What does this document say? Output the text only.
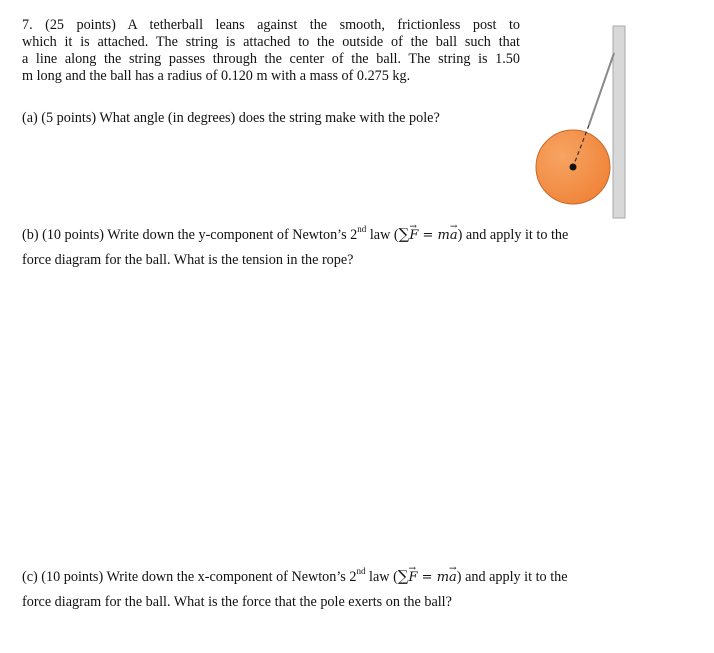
7. (25 points) A tetherball leans against the smooth, frictionless post to
which it is attached. The string is attached to the outside of the ball such that
a line along the string passes through the center of the ball. The string is 1.50
m long and the ball has a radius of 0.120 m with a mass of 0.275 kg.
(a) (5 points) What angle (in degrees) does the string make with the pole?
(b) (10 points) Write down the y-component of Newton’s 2nd law (∑→ F = m→ a) and apply it to the
force diagram for the ball. What is the tension in the rope?
(c) (10 points) Write down the x-component of Newton’s 2nd law (∑→ F = m→ a) and apply it to the
force diagram for the ball. What is the force that the pole exerts on the ball?
